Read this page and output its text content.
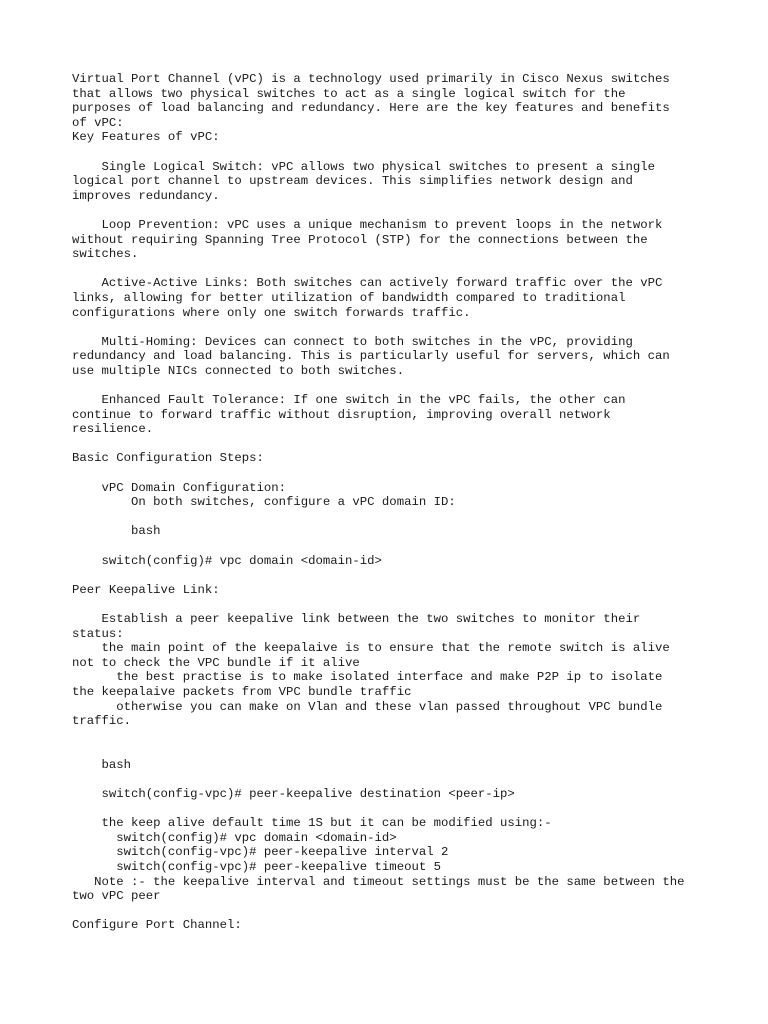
Virtual Port Channel (vPC) is a technology used primarily in Cisco Nexus switches
that allows two physical switches to act as a single logical switch for the
purposes of load balancing and redundancy. Here are the key features and benefits
of vPC:
Key Features of vPC:
Single Logical Switch: vPC allows two physical switches to present a single
logical port channel to upstream devices. This simplifies network design and
improves redundancy.
Loop Prevention: vPC uses a unique mechanism to prevent loops in the network
without requiring Spanning Tree Protocol (STP) for the connections between the
switches.
Active-Active Links: Both switches can actively forward traffic over the vPC
links, allowing for better utilization of bandwidth compared to traditional
configurations where only one switch forwards traffic.
Multi-Homing: Devices can connect to both switches in the vPC, providing
redundancy and load balancing. This is particularly useful for servers, which can
use multiple NICs connected to both switches.
Enhanced Fault Tolerance: If one switch in the vPC fails, the other can
continue to forward traffic without disruption, improving overall network
resilience.
Basic Configuration Steps:
vPC Domain Configuration:
On both switches, configure a vPC domain ID:
bash
switch(config)# vpc domain <domain-id>
Peer Keepalive Link:
Establish a peer keepalive link between the two switches to monitor their
status:
the main point of the keepalaive is to ensure that the remote switch is alive
not to check the VPC bundle if it alive
the best practise is to make isolated interface and make P2P ip to isolate
the keepalaive packets from VPC bundle traffic
otherwise you can make on Vlan and these vlan passed throughout VPC bundle
traffic.
bash
switch(config-vpc)# peer-keepalive destination <peer-ip>
the keep alive default time 1S but it can be modified using:-
switch(config)# vpc domain <domain-id>
switch(config-vpc)# peer-keepalive interval 2
switch(config-vpc)# peer-keepalive timeout 5
Note :- the keepalive interval and timeout settings must be the same between the
two vPC peer
Configure Port Channel:
